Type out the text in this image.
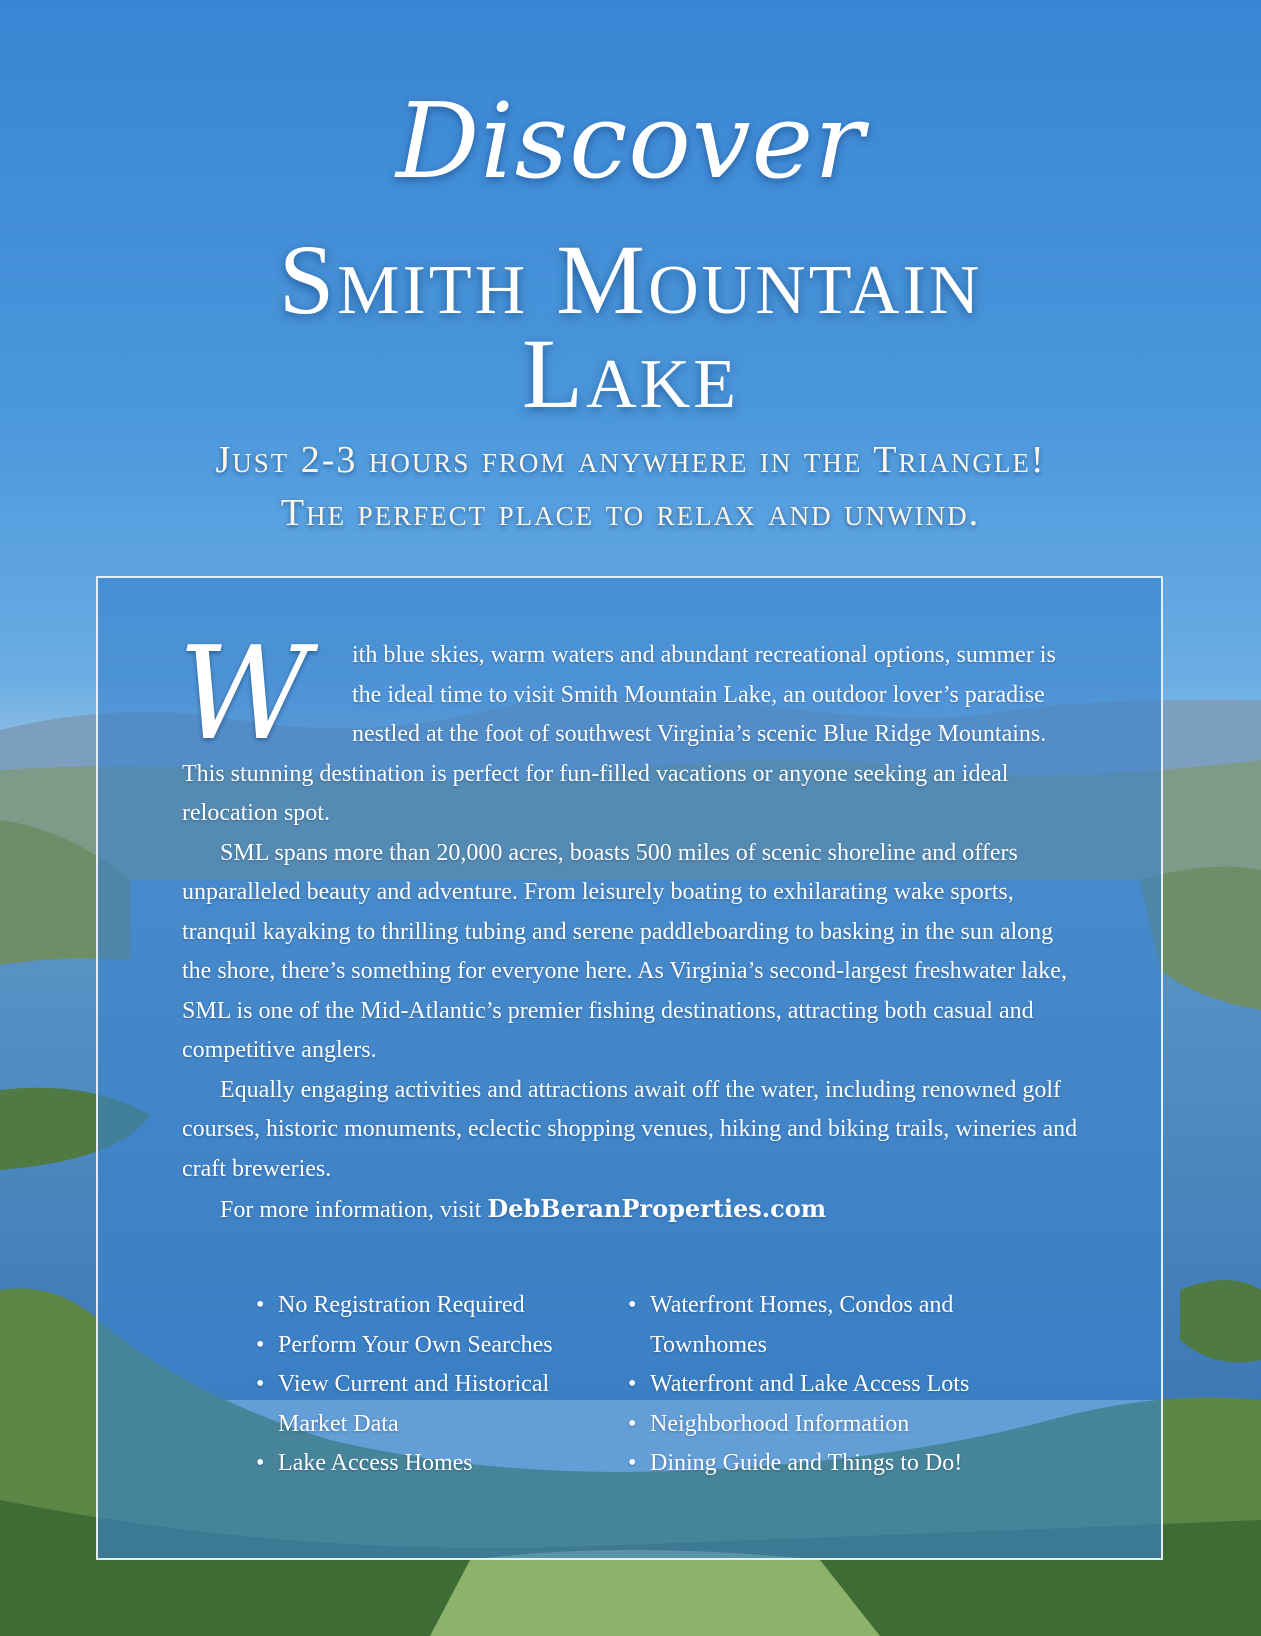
Discover
Smith Mountain
Lake
Just 2-3 hours from anywhere in the Triangle!
The perfect place to relax and unwind.

W	ith blue skies, warm waters and abundant recreational options, summer is the ideal time to visit Smith Mountain Lake, an outdoor lover’s paradise nestled at the foot of southwest Virginia’s scenic Blue Ridge Mountains. This stunning destination is perfect for fun-filled vacations or anyone seeking an ideal relocation spot.

SML spans more than 20,000 acres, boasts 500 miles of scenic shoreline and offers unparalleled beauty and adventure. From leisurely boating to exhilarating wake sports, tranquil kayaking to thrilling tubing and serene paddleboarding to basking in the sun along the shore, there’s something for everyone here. As Virginia’s second-largest freshwater lake, SML is one of the Mid-Atlantic’s premier fishing destinations, attracting both casual and competitive anglers.

Equally engaging activities and attractions await off the water, including renowned golf courses, historic monuments, eclectic shopping venues, hiking and biking trails, wineries and craft breweries.

For more information, visit DebBeranProperties.com

• No Registration Required
• Perform Your Own Searches
• View Current and Historical Market Data
• Lake Access Homes
• Waterfront Homes, Condos and Townhomes
• Waterfront and Lake Access Lots
• Neighborhood Information
• Dining Guide and Things to Do!
